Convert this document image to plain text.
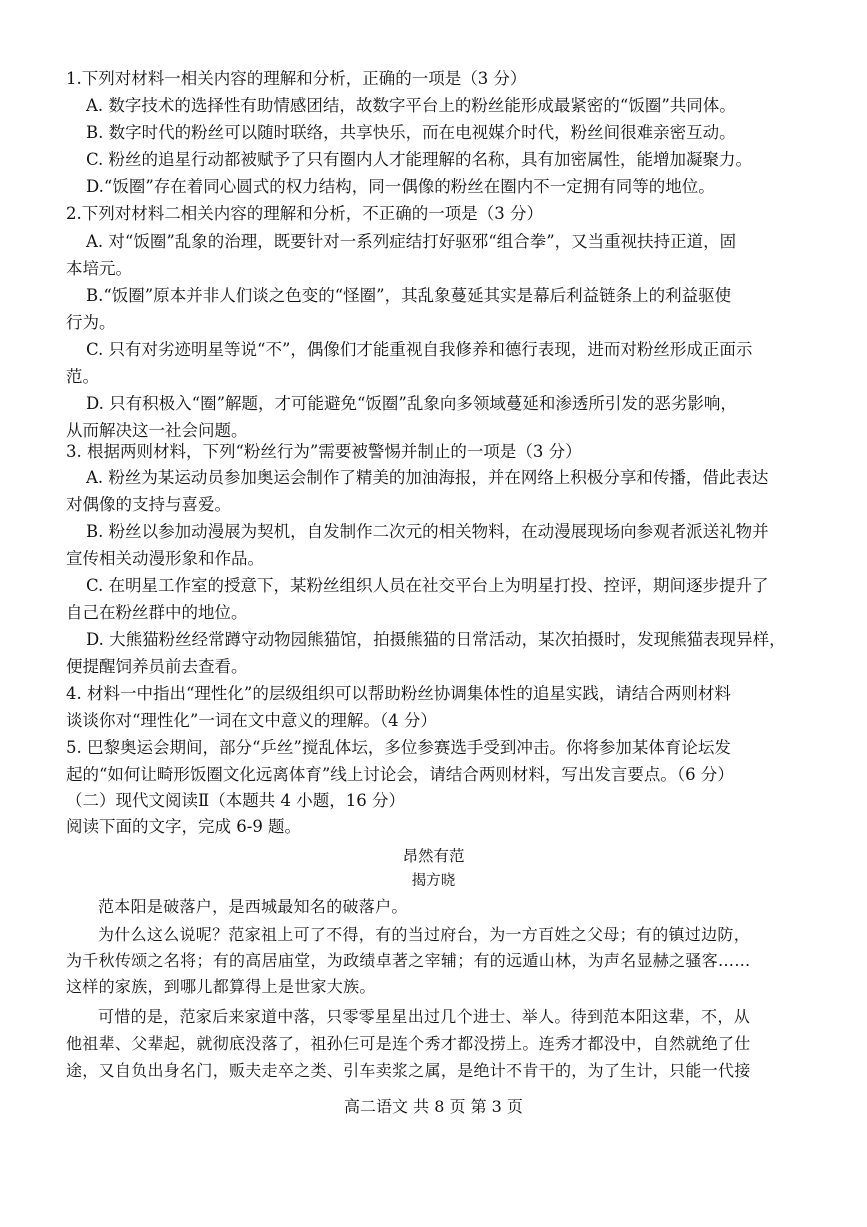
1.下列对材料一相关内容的理解和分析，正确的一项是（3 分）
A. 数字技术的选择性有助情感团结，故数字平台上的粉丝能形成最紧密的“饭圈”共同体。
B. 数字时代的粉丝可以随时联络，共享快乐，而在电视媒介时代，粉丝间很难亲密互动。
C. 粉丝的追星行动都被赋予了只有圈内人才能理解的名称，具有加密属性，能增加凝聚力。
D.“饭圈”存在着同心圆式的权力结构，同一偶像的粉丝在圈内不一定拥有同等的地位。
2.下列对材料二相关内容的理解和分析，不正确的一项是（3 分）
A. 对“饭圈”乱象的治理，既要针对一系列症结打好驱邪“组合拳”，又当重视扶持正道，固
本培元。
B.“饭圈”原本并非人们谈之色变的“怪圈”，其乱象蔓延其实是幕后利益链条上的利益驱使
行为。
C. 只有对劣迹明星等说“不”，偶像们才能重视自我修养和德行表现，进而对粉丝形成正面示
范。
D. 只有积极入“圈”解题，才可能避免“饭圈”乱象向多领域蔓延和渗透所引发的恶劣影响，
从而解决这一社会问题。
3. 根据两则材料，下列“粉丝行为”需要被警惕并制止的一项是（3 分）
A. 粉丝为某运动员参加奥运会制作了精美的加油海报，并在网络上积极分享和传播，借此表达
对偶像的支持与喜爱。
B. 粉丝以参加动漫展为契机，自发制作二次元的相关物料，在动漫展现场向参观者派送礼物并
宣传相关动漫形象和作品。
C. 在明星工作室的授意下，某粉丝组织人员在社交平台上为明星打投、控评，期间逐步提升了
自己在粉丝群中的地位。
D. 大熊猫粉丝经常蹲守动物园熊猫馆，拍摄熊猫的日常活动，某次拍摄时，发现熊猫表现异样，
便提醒饲养员前去查看。
4. 材料一中指出“理性化”的层级组织可以帮助粉丝协调集体性的追星实践，请结合两则材料
谈谈你对“理性化”一词在文中意义的理解。（4 分）
5. 巴黎奥运会期间，部分“乒丝”搅乱体坛，多位参赛选手受到冲击。你将参加某体育论坛发
起的“如何让畸形饭圈文化远离体育”线上讨论会，请结合两则材料，写出发言要点。（6 分）
（二）现代文阅读Ⅱ（本题共 4 小题，16 分）
阅读下面的文字，完成 6-9 题。
昂然有范
揭方晓
范本阳是破落户，是西城最知名的破落户。
为什么这么说呢？范家祖上可了不得，有的当过府台，为一方百姓之父母；有的镇过边防，
为千秋传颂之名将；有的高居庙堂，为政绩卓著之宰辅；有的远遁山林，为声名显赫之骚客……
这样的家族，到哪儿都算得上是世家大族。
可惜的是，范家后来家道中落，只零零星星出过几个进士、举人。待到范本阳这辈，不，从
他祖辈、父辈起，就彻底没落了，祖孙仨可是连个秀才都没捞上。连秀才都没中，自然就绝了仕
途，又自负出身名门，贩夫走卒之类、引车卖浆之属，是绝计不肯干的，为了生计，只能一代接
高二语文 共 8 页 第 3 页
